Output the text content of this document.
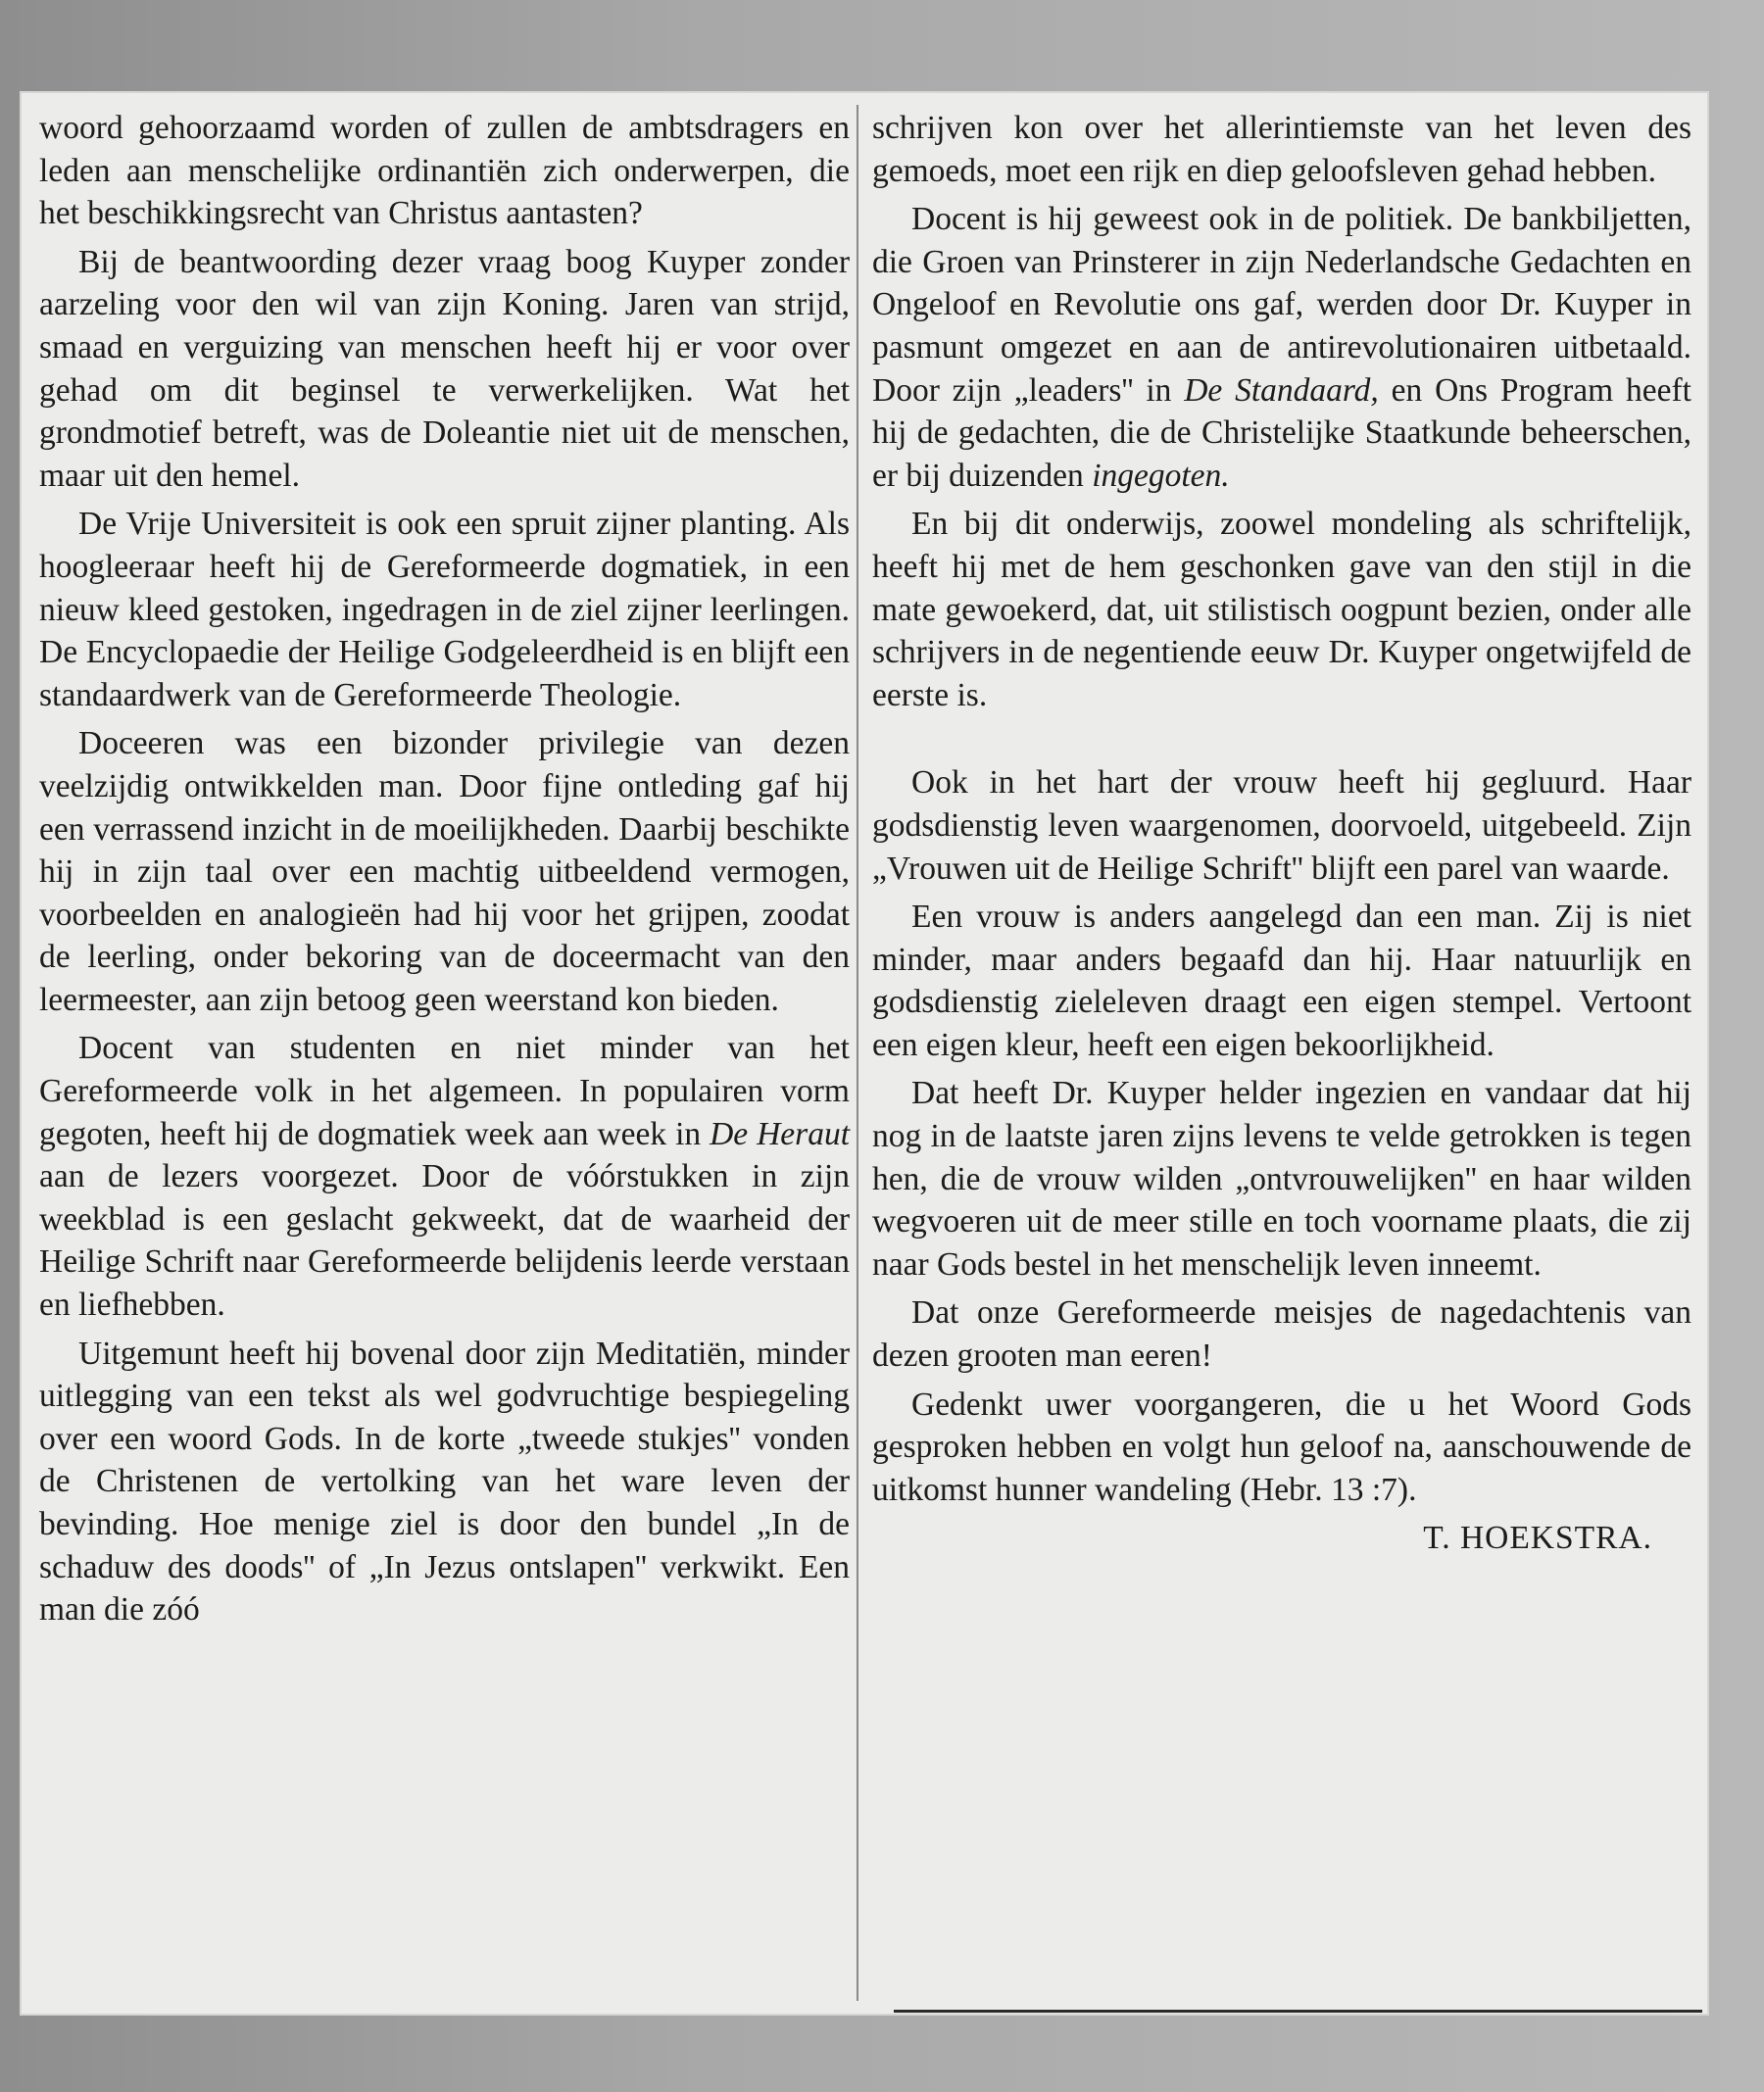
woord gehoorzaamd worden of zullen de ambtsdragers en leden aan menschelijke ordinantiën zich onderwerpen, die het beschikkingsrecht van Christus aantasten?

Bij de beantwoording dezer vraag boog Kuyper zonder aarzeling voor den wil van zijn Koning. Jaren van strijd, smaad en verguizing van menschen heeft hij er voor over gehad om dit beginsel te verwerkelijken. Wat het grondmotief betreft, was de Doleantie niet uit de menschen, maar uit den hemel.

De Vrije Universiteit is ook een spruit zijner planting. Als hoogleeraar heeft hij de Gereformeerde dogmatiek, in een nieuw kleed gestoken, ingedragen in de ziel zijner leerlingen. De Encyclopaedie der Heilige Godgeleerdheid is en blijft een standaardwerk van de Gereformeerde Theologie.

Doceeren was een bizonder privilegie van dezen veelzijdig ontwikkelden man. Door fijne ontleding gaf hij een verrassend inzicht in de moeilijkheden. Daarbij beschikte hij in zijn taal over een machtig uitbeeldend vermogen, voorbeelden en analogieën had hij voor het grijpen, zoodat de leerling, onder bekoring van de doceermacht van den leermeester, aan zijn betoog geen weerstand kon bieden.

Docent van studenten en niet minder van het Gereformeerde volk in het algemeen. In populairen vorm gegoten, heeft hij de dogmatiek week aan week in De Heraut aan de lezers voorgezet. Door de vóórstukken in zijn weekblad is een geslacht gekweekt, dat de waarheid der Heilige Schrift naar Gereformeerde belijdenis leerde verstaan en liefhebben.

Uitgemunt heeft hij bovenal door zijn Meditatiën, minder uitlegging van een tekst als wel godvruchtige bespiegeling over een woord Gods. In de korte „tweede stukjes'' vonden de Christenen de vertolking van het ware leven der bevinding. Hoe menige ziel is door den bundel „In de schaduw des doods'' of „In Jezus ontslapen'' verkwikt. Een man die zóó

schrijven kon over het allerintiemste van het leven des gemoeds, moet een rijk en diep geloofsleven gehad hebben.

Docent is hij geweest ook in de politiek. De bankbiljetten, die Groen van Prinsterer in zijn Nederlandsche Gedachten en Ongeloof en Revolutie ons gaf, werden door Dr. Kuyper in pasmunt omgezet en aan de antirevolutionairen uitbetaald. Door zijn „leaders'' in De Standaard, en Ons Program heeft hij de gedachten, die de Christelijke Staatkunde beheerschen, er bij duizenden ingegoten.

En bij dit onderwijs, zoowel mondeling als schriftelijk, heeft hij met de hem geschonken gave van den stijl in die mate gewoekerd, dat, uit stilistisch oogpunt bezien, onder alle schrijvers in de negentiende eeuw Dr. Kuyper ongetwijfeld de eerste is.

Ook in het hart der vrouw heeft hij gegluurd. Haar godsdienstig leven waargenomen, doorvoeld, uitgebeeld. Zijn „Vrouwen uit de Heilige Schrift'' blijft een parel van waarde.

Een vrouw is anders aangelegd dan een man. Zij is niet minder, maar anders begaafd dan hij. Haar natuurlijk en godsdienstig zieleleven draagt een eigen stempel. Vertoont een eigen kleur, heeft een eigen bekoorlijkheid.

Dat heeft Dr. Kuyper helder ingezien en vandaar dat hij nog in de laatste jaren zijns levens te velde getrokken is tegen hen, die de vrouw wilden „ontvrouwelijken'' en haar wilden wegvoeren uit de meer stille en toch voorname plaats, die zij naar Gods bestel in het menschelijk leven inneemt.

Dat onze Gereformeerde meisjes de nagedachtenis van dezen grooten man eeren!

Gedenkt uwer voorgangeren, die u het Woord Gods gesproken hebben en volgt hun geloof na, aanschouwende de uitkomst hunner wandeling (Hebr. 13 :7).

T. HOEKSTRA.
